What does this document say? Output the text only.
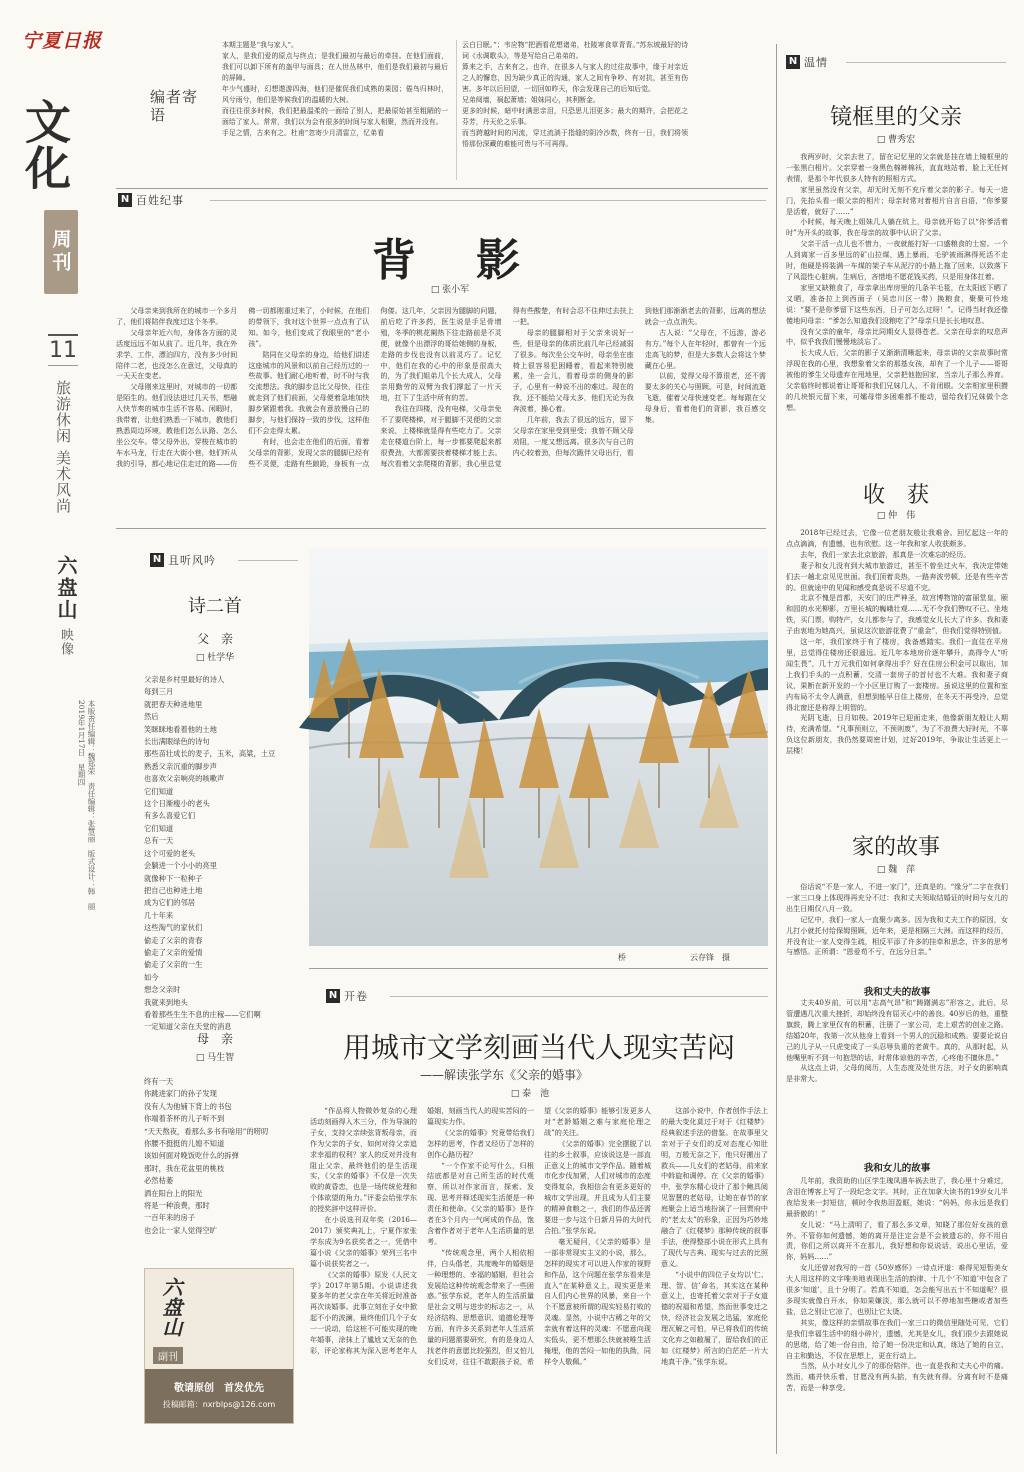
宁夏日报
文化
周刊
11
旅游休闲 美术风尚
六盘山
映像
2019年1月17日　星期四 本版责任编辑：魏郑荣　责任编辑：张慧丽　版式设计：韩　丽
编者寄语
本期主题是“我与家人”。
家人，是我们爱的原点与终点；是我们最初与最后的牵挂。在他们面前，我们可以卸下所有的盔甲与面具；在人世丛林中，他们是我们最初与最后的屏障。
年少气盛时，幻想遨游四海，他们是催促我们成熟的果园；倦鸟归林时，风兮雨兮，他们是等候我们的温暖的大树。
而往往很多时候，我们把最温柔的一面给了别人，把最原始甚至粗陋的一面给了家人。常常，我们以为会有很多的时间与家人相聚，然而并没有。
手足之情，古来有之。杜甫“忽寄少月清雷立，忆弟看
云白日眠。”；韦应物“把酒看花想诸弟，杜陵寒食草青青。”苏东坡最好的诗词《水调歌头》，等是写给自己弟弟的。
算来之手，古来有之。也许，在很多人与家人的过往故事中，缘于对亲近之人的懈怠，因为缺少真正的沟通，家人之间有争吵、有对抗，甚至有伤害。多年以后回望，一切回如昨天，你会发现自己的后知后觉。
兄弟阋墙，祸起萧墙；姐妹同心，其利断金。
更多的时候，暗中时满思亲泪，只恐思儿泪更多；最大的期许，会把花之芬芳，丹天伦之乐事。
而当跨越时间的河流，穿过流淌于指缝的阴冷沙数，终有一日，我们将领悟那份深藏的难能可贵与不可再得。
N 百姓纪事
背　影
□ 张小军

父母亲来到我所在的城市一个多月了，他们将陪伴我度过这个冬季。

父母亲年近六旬，身体各方面的灵活度远远不如从前了。近几年，我在外求学、工作，漂泊四方，没有多少时间陪伴二老，也没怎么在意过，父母真的一天天在变老。

父母刚来这里时，对城市的一切都是陌生的。他们没法进过几天书，想融入快节奏的城市生活不容易。闲暇时，我带着，让他们熟悉一下城市，教他们熟悉周边环境，教他们怎么认路、怎么坐公交车。带父母外出，穿梭在城市的车水马龙，行走在大街小巷，他们听从我的引导，都心地记住走过的路——仿佛一切都刚重过来了，小时候，在他们的带领下，我对这个世界一点点有了认知。如今，他们变成了我眼里的“老小孩”。

陪同在父母亲的身边，给他们讲述这座城市的风景和以前自己经历过的一些故事。他们耐心地听着，时不时与我交流想法。我的脚步总比父母快，往往就走到了他们前面，父母便着急地加快脚步紧跟着我。我就会有意放慢自己的脚步，与他们保持一致的步伐，这样他们不会走得太累。

有时，也会走在他们的后面，看着父母亲的背影，发现父亲的腿脚已经有些不灵便，走路有些踉跄，身板有一点佝偻。这几年，父亲因为腿脚的问题，前后吃了许多药，医生说是手足骨增殖，冬季的桃花阑热下往走路前是不灵便，就像个出漂浮的哥给她侧的身板，走路的步伐也没有以前灵巧了。记忆中，他们在我的心中的形象是很高大的，为了我们姐弟几个长大成人，父母亲用勤劳的双臂为我们撑起了一片天地，扛下了生活中所有的苦。

我往在四楼，没有电梯，父母亲免不了要爬楼梯，对于腿脚不灵便的父亲来说，上楼梯就显得有些吃力了。父亲走在楼道台阶上，每一步都要爬起来都很费劲，大都需要扶着楼梯才能上去。每次看着父亲爬楼的背影，我心里总觉得有些酸楚，有时会忍不住伸过去扶上一把。

母亲的腿脚相对于父亲来说好一些，但是母亲的体质比前几年已经减弱了很多。每次坐公交车时，母亲坐在座椅上很容易犯困睡着，看起来特别疲累，坐一会儿，看着母亲的侧身的影子，心里有一种说不出的难过。现在的我，还不能给父母太多，他们无论为我奔波着，操心着。

几年前，我去了很远的远方，留下父母亲在家里受到里受；我曾不顾父母劝阻，一度又想远离。很多次与自己的内心较着劲，但每次跪伴父母出行，看到他们那渐渐老去的背影，远离的想法就会一点点消失。

古人说：“父母在，不远游，游必有方。”每个人在年轻时，都曾有一个远走高飞的梦，但是大多数人会将这个梦藏在心里。

以前，觉得父母不算很老，还不需要太多的关心与照顾。可是，时间流逝飞逝，催着父母快速变老。每每跟在父母身后，看着他们的背影，我百感交集。

N 且听风吟
诗二首
父　亲
□ 杜学华
父亲是乡村里最好的诗人
每到三月
就把春天种进地里
然后
笑眯眯地看着他的土地
长出满眼绿色的诗句
那些苗壮成长的麦子，玉米，高粱，土豆
熟悉父亲沉重的脚步声
也喜欢父亲响亮的咳嗽声
它们知道
这个日渐瘦小的老头
有多么喜爱它们
它们知道
总有一天
这个可爱的老头
会躺进一个小小的亮里
就像种下一粒种子
把自己也种进土地
成为它们的邻居
几十年来
这些淘气的家伙们
偷走了父亲的青春
偷走了父亲的爱情
偷走了父亲的一生
如今
想念父亲时
我就来到地头
看着那些生生不息的庄稼——它们啊
一定知道父亲在天堂的消息
母　亲
□ 马生智
终有一天
你跳进家门的孙子发现
没有人为他铺下背上的书包
你端着茶杯的儿子听不到
“天天熬夜，看那么多书有啥用”的唠叨
你腰不挺挺的儿媳不知道
该如何面对晚饭吃什么的拆弹
那时，我在花盆里的桃枝
必然枯萎
洒在阳台上的阳光
将是一种浪费，那时
一百年来的房子
也会让一家人觉得空旷
六盘山
副刊
敬请原创　首发优先
投稿邮箱：nxrblps@126.com
桥	云存锋　摄
N 开卷
用城市文学刻画当代人现实苦闷
——解读张学东《父亲的婚事》
□ 泰　池

“作品将人物微妙复杂的心理活动刻画得入木三分，作为导演的子女，支持父亲续弦背叛母亲，而作为父亲的子女，如何对待父亲追求幸福的权利？家人的反对并没有阻止父亲，最终他们的是生活现实，《父亲的婚事》不仅是一次失败的黄昏恋，也是一场传统伦理和个体欲望的角力。”评委会给张学东的授奖辞中这样评价。

在小说选刊双年奖（2016—2017）颁奖典礼上，宁夏作家张学东成为9名获奖者之一，凭借中篇小说《父亲的婚事》荣列三名中篇小说获奖者之一。

《父亲的婚事》原发《人民文学》2017年第5期。小说讲述我要多年的老父亲在年关将近时准备再次谈婚事。此事立刻在子女中掀起不小的波澜，最终他们几个子女一一说动，给这桩不可能实现的晚年婚事，涂抹上了尴尬又无奈的色彩，评论家称其为深入思考老年人婚姻，刻画当代人的现实苦闷的一篇现实力作。

《父亲的婚事》究竟带给我们怎样的思考，作者又经历了怎样的创作心路历程？

“一个作家不论写什么，归根结底都是对自己所生活的时代观察，所以对作家而言，探索、发现、思考并释述现实生活便是一种责任和使命。《父亲的婚事》是作者在3个月内一气呵成的作品，饱含着作者对于老年人生活质量的思考。

“传统观念里，两个人相依相伴，白头偕老，共度晚年的婚姻是一种理想的、幸福的婚姻，但社会发展给这种传统观念带来了一些困惑。”张学东说，老年人的生活质量是社会文明与进步的标志之一，从经济结构、思想意识、道德伦理等方面，有许多关系到老年人生活质量的问题需要研究，有的是身边人找老伴的意愿比较强烈，但又怕儿女们反对，往往不敢跟孩子说，希望《父亲的婚事》能够引发更多人对“老龄婚姻之难与家庭伦理之战”的关注。

《父亲的婚事》完全摆脱了以往的乡土叙事，应该说这是一部直正意义上的城市文学作品。随着城市化步伐加紧，人们对城市的态度变得复杂，我相信会有更多更好的城市文学出现，并且成为人们主要的精神食粮之一，我们的作品还需要进一步与这个日新月异的大时代合拍。”张学东说。

毫无疑问，《父亲的婚事》是一部非常现实主义的小说，那么，怎样的现实才可以进入作家的视野和作品，这个问题在张学东看来是直入“在某种意义上，现实更是来自人们内心世界的风暴，来自一个个不愿意被所谓的现实轻易打败的灵魂。显然，小说中古稀之年的父亲就有着这样的灵魂：不愿意向现实低头，更不想那么快就被唯生活掩埋，他的苦闷一如他的执拗，同样令人敬佩。”

这部小说中，作者创作手法上的最大变化莫过于对于《红楼梦》经典叙述手法的借鉴。在故事里父亲对于子女们的反对态度心知肚明，万般无奈之下，他只好搬出了救兵——儿女们的老姑母，前来家中斡旋和调停。在《父亲的婚事》中，张学东精心设计了那个鲍具阅见智慧的老姑母，让她在春节的家庭聚会上适当地扮演了一回贾府中的“老太太”的形象，正因为巧妙地融合了《红楼梦》那种传统的叙事手法，使得整部小说在形式上具有了现代与古典、现实与过去的比照意义。

“小说中的四位子女均以‘仁、理、智、信’命名，其实这在某种意义上，也寄托着父亲对于子女道德的祝福和希望，然而世事变迁之快，经济社会发展之迅猛，家庭伦理瓦解之可怕，早已将我们的传统文化弃之如敝履了，留给我们的正如《红楼梦》所言的白茫茫一片大地真干净。”张学东说。

N 温情
镜框里的父亲
□ 曹秀宏

我两岁时，父亲去世了，留在记忆里的父亲就是挂在墙上镜框里的一张黑白相片。父亲穿着一身黑色棉裤棉袄，直直地站着，脸上无任何表情，是那个年代很多人特有的照相方式。

家里虽然没有父亲，却无时无刻不充斥着父亲的影子。每天一进门，先抬头看一眼父亲的相片；母亲时常对着相片自言自语，“你爹要是活着，就好了……”

小时候，每天晚上姐妹几人躺在炕上，母亲就开始了以“你爹活着时”为开头的故事，我在母亲的故事中认识了父亲。

父亲干活一点儿也不惜力，一夜就能打好一口盛粮食的土窑。一个人到离家一百多里远的矿山拉煤，遇上暴雨，毛驴被雨淋得死活不走时，他硬是将装满一车煤的架子车从泥泞的小路上拖了回来，以致落下了风湿性心脏病。生病后，吝惜地不愿花钱买药，只是用身体扛着。

家里又缺粮食了，母亲拿出库房里的几条羊毛毯，在太阳底下晒了又晒，准备拉上到西面子（吴忠川区一带）换粮食，聚聚可怜地说：“要不是你爹留下这些东西，日子可怎么过呀！”。记得当时我还像傻地问母亲：“爹怎么知道我们没粮吃了?”母亲只是长长地叹息。

没有父亲的童年，母亲比同期女人显得苍老。父亲在母亲的叹息声中，似乎我我们慢慢地淡忘了。

长大成人后，父亲的影子又渐渐清晰起来，母亲讲的父亲故事时常浮现在我的心里，我想象着父亲的那基女孩，却有了一个儿子——哥哥被他的爹生父母遗弃在甩地里，父亲把他抱回家，当亲儿子那么养育。父亲临终时都说着让哥哥和我们兄妹几人，不肯闭眼。父亲相家里积攒的几块银元留下来，可孀母带多困难都不能动，留给我们兄妹做个念想。

收　获
□ 仲　伟

2018年已经过去，它像一位老朋友般让我难舍。回忆起这一年的点点滴滴，有遗憾，也有欣慰。这一年我和家人收获颇多。

去年，我们一家去北京旅游，那真是一次难忘的经历。

妻子和女儿没有到大城市旅游过，甚至不曾坐过火车，我决定带她们去一趟北京见见世面。我们顶着炎热，一路奔波劳顿，还是有些辛苦的。但就途中的见闻和感受真是说不尽道不完。

北京不愧是首都，天安门的庄严神圣，故宫博物馆的富丽堂皇，颐和园的水光柳影，万里长城的巍峨壮观……无不令我们赞叹不已。坐地铁，买门票，购特产，女儿都参与了，我感觉女儿长大了许多。我和妻子由衷地为她高兴，虽说这次旅游花费了“重金”，但我们觉得特别值。

这一年，我们家终于有了楼房，我备感踏实。我们一直住在平房里，总觉得住楼房还很遥远。近几年本地房价逐年攀升，高得令人“听闻生畏”，几十万元我们如何拿得出手？好在住房公积金可以取出，加上我们手头的一点积蓄，交清一套房子的首付也不大难。我和妻子商议，果断在新开发的一个小区里订购了一套楼房。虽说这里的位置和室内布局不太令人满意，但想到能早日住上楼房，在冬天不再受冷，总觉得北窗还是称得上明智的。

光阴飞逝，日月如梭。2019年已迎面走来，他像新朋友般让人期待，充满希望。“凡事预则立，不预则废”，为了不浪费大好时光，不辜负这位新朋友，我仍然要周密计划，过好2019年，争取让生活更上一层楼！

家的故事
□ 魏　萍

俗话说“不是一家人，不进一家门”，还真是的。“缘分”二字在我们一家三口身上体现得再充分不过：我和丈夫领取结婚证的时间与女儿的出生日期仅八月一致。

记忆中，我们一家人一直聚少离多。因为我和丈夫工作的原因，女儿打小就托付给保姆照顾，近年来，更是相隔三大洲。而这样的经历，并没有让一家人变得生疏，相反平添了许多的挂牵和思念，许多的思考与感悟。正所谓：“恩爱苟不亏，在远分日亲。”

我和丈夫的故事

丈夫40岁前，可以用“志高气昂”和“踌躇满志”形容之。此后，尽管遭遇几次重大挫折，却始终没有屈灭心中的善良。40岁后的他，重整旗鼓，腾上家里仅有的积蓄，注册了一家公司，走上艰苦的创业之路。结婚20年，我第一次从他身上看到一个男人的沉稳和成熟。要要论说自己的儿子从一只虎变成了一头忍辱负重的老黄牛。真的，从那时起，从他嘴里听不到一句抱怨的话，时常体谅他的辛苦，心疼他不擅休息。”

从这点上讲，父母的阅历，人生态度及处世方法，对子女的影响真是非常大。

我和女儿的故事

几年前，我资助的山区学生瑰凤遇车祸去世了，我心里十分难过，含泪在博客上写了一段纪念文字。其时，正在加拿大读书的19岁女儿半夜给发来一封短信，顿时令我热泪盈眶，她说：“妈妈，你永远是我们最骄傲的！”

女儿说：“马上清明了，看了那么多文章，知晓了那位好女孩的意外。不管你如何遗憾，她的离开是注定会是不会被遗忘的，你不用自责，你们之所以离开不在那儿，我好想和你说说话，说出心里话，爱你，妈妈……”

女儿还曾对我写的一首《50岁感怀》一诗点评道：难得见短暂美女大人用这样的文字唯美地表现出生活的韵律、十几个‘不知道’中包含了很多‘知道’，且十分明了。若真不知道，怎会能写出五十不知道呢？很多现实就像白开水，你如果嫌淡，那么就可以不停地加些糖或者加些盐，总之别让它凉了，也别让它太烫。

其实，像这样的亲情故事在我们一家三口的微信里随处可见，它们是我们幸福生活中的细小碎片，遗憾，尤其是女儿，我们很少去跟她说的思绪，给了她一份自由，给了她一份决定和认真，练达了她的自立、自主和勤达，不仅在思想上，更在行动上。

当然，从小对女儿少了的那份陪伴，也一直是我和丈夫心中的痛。然而，痛并快乐着，甘愿没有两头掂，有失就有得。分离有时不是痛苦，而是一种享受。
